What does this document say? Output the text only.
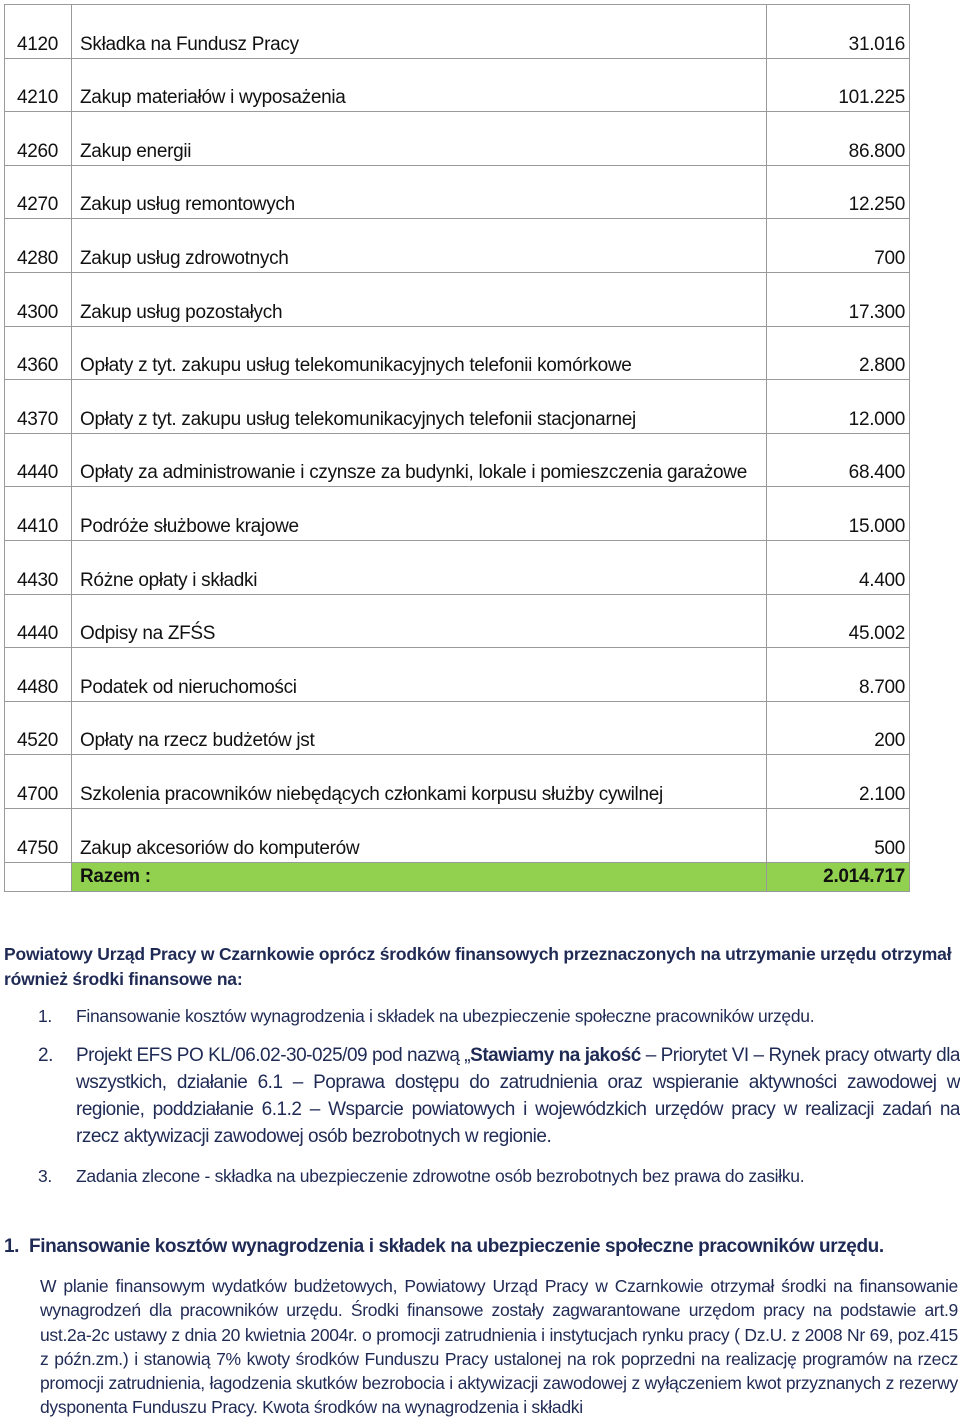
4120	Składka na Fundusz Pracy	31.016
4210	Zakup materiałów i wyposażenia	101.225
4260	Zakup energii	86.800
4270	Zakup usług remontowych	12.250
4280	Zakup usług zdrowotnych	700
4300	Zakup usług pozostałych	17.300
4360	Opłaty z tyt. zakupu usług telekomunikacyjnych telefonii komórkowe	2.800
4370	Opłaty z tyt. zakupu usług telekomunikacyjnych telefonii stacjonarnej	12.000
4440	Opłaty za administrowanie i czynsze za budynki, lokale i pomieszczenia garażowe	68.400
4410	Podróże służbowe krajowe	15.000
4430	Różne opłaty i składki	4.400
4440	Odpisy na ZFŚS	45.002
4480	Podatek od nieruchomości	8.700
4520	Opłaty na rzecz budżetów jst	200
4700	Szkolenia pracowników niebędących członkami korpusu służby cywilnej	2.100
4750	Zakup akcesoriów do komputerów	500
	Razem :	2.014.717
Powiatowy Urząd Pracy w Czarnkowie oprócz środków finansowych przeznaczonych na utrzymanie urzędu otrzymał również środki finansowe na:
1. Finansowanie kosztów wynagrodzenia i składek na ubezpieczenie społeczne pracowników urzędu.
2. Projekt EFS PO KL/06.02-30-025/09 pod nazwą „Stawiamy na jakość – Priorytet VI – Rynek pracy otwarty dla wszystkich, działanie 6.1 – Poprawa dostępu do zatrudnienia oraz wspieranie aktywności zawodowej w regionie, poddziałanie 6.1.2 – Wsparcie powiatowych i wojewódzkich urzędów pracy w realizacji zadań na rzecz aktywizacji zawodowej osób bezrobotnych w regionie.
3. Zadania zlecone - składka na ubezpieczenie zdrowotne osób bezrobotnych bez prawa do zasiłku.
1. Finansowanie kosztów wynagrodzenia i składek na ubezpieczenie społeczne pracowników urzędu.
W planie finansowym wydatków budżetowych, Powiatowy Urząd Pracy w Czarnkowie otrzymał środki na finansowanie wynagrodzeń dla pracowników urzędu. Środki finansowe zostały zagwarantowane urzędom pracy na podstawie art.9 ust.2a-2c ustawy z dnia 20 kwietnia 2004r. o promocji zatrudnienia i instytucjach rynku pracy ( Dz.U. z 2008 Nr 69, poz.415 z późn.zm.) i stanowią 7% kwoty środków Funduszu Pracy ustalonej na rok poprzedni na realizację programów na rzecz promocji zatrudnienia, łagodzenia skutków bezrobocia i aktywizacji zawodowej z wyłączeniem kwot przyznanych z rezerwy dysponenta Funduszu Pracy. Kwota środków na wynagrodzenia i składki
